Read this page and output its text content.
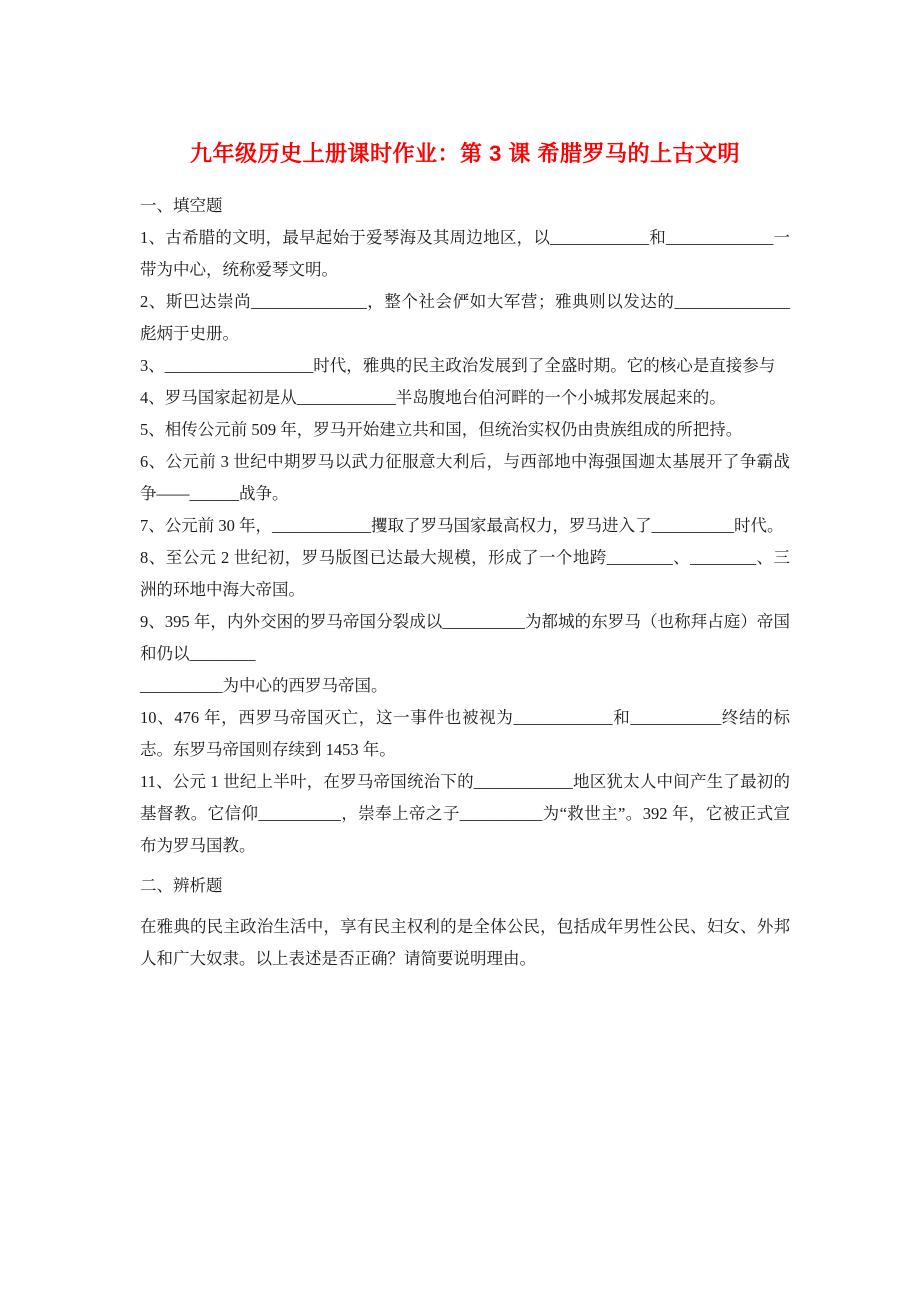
九年级历史上册课时作业：第 3 课 希腊罗马的上古文明
一、填空题

1、古希腊的文明，最早起始于爱琴海及其周边地区，以____________和_____________一带为中心，统称爱琴文明。

2、斯巴达崇尚______________，整个社会俨如大军营；雅典则以发达的______________彪炳于史册。

3、__________________时代，雅典的民主政治发展到了全盛时期。它的核心是直接参与

4、罗马国家起初是从____________半岛腹地台伯河畔的一个小城邦发展起来的。

5、相传公元前 509 年，罗马开始建立共和国，但统治实权仍由贵族组成的所把持。

6、公元前 3 世纪中期罗马以武力征服意大利后，与西部地中海强国迦太基展开了争霸战争——______战争。

7、公元前 30 年，____________攫取了罗马国家最高权力，罗马进入了__________时代。

8、至公元 2 世纪初，罗马版图已达最大规模，形成了一个地跨________、________、三洲的环地中海大帝国。

9、395 年，内外交困的罗马帝国分裂成以__________为都城的东罗马（也称拜占庭）帝国和仍以________

__________为中心的西罗马帝国。

10、476 年，西罗马帝国灭亡，这一事件也被视为____________和___________终结的标志。东罗马帝国则存续到 1453 年。

11、公元 1 世纪上半叶，在罗马帝国统治下的____________地区犹太人中间产生了最初的基督教。它信仰__________，崇奉上帝之子__________为“救世主”。392 年，它被正式宣布为罗马国教。

二、辨析题

在雅典的民主政治生活中，享有民主权利的是全体公民，包括成年男性公民、妇女、外邦人和广大奴隶。以上表述是否正确？请简要说明理由。
